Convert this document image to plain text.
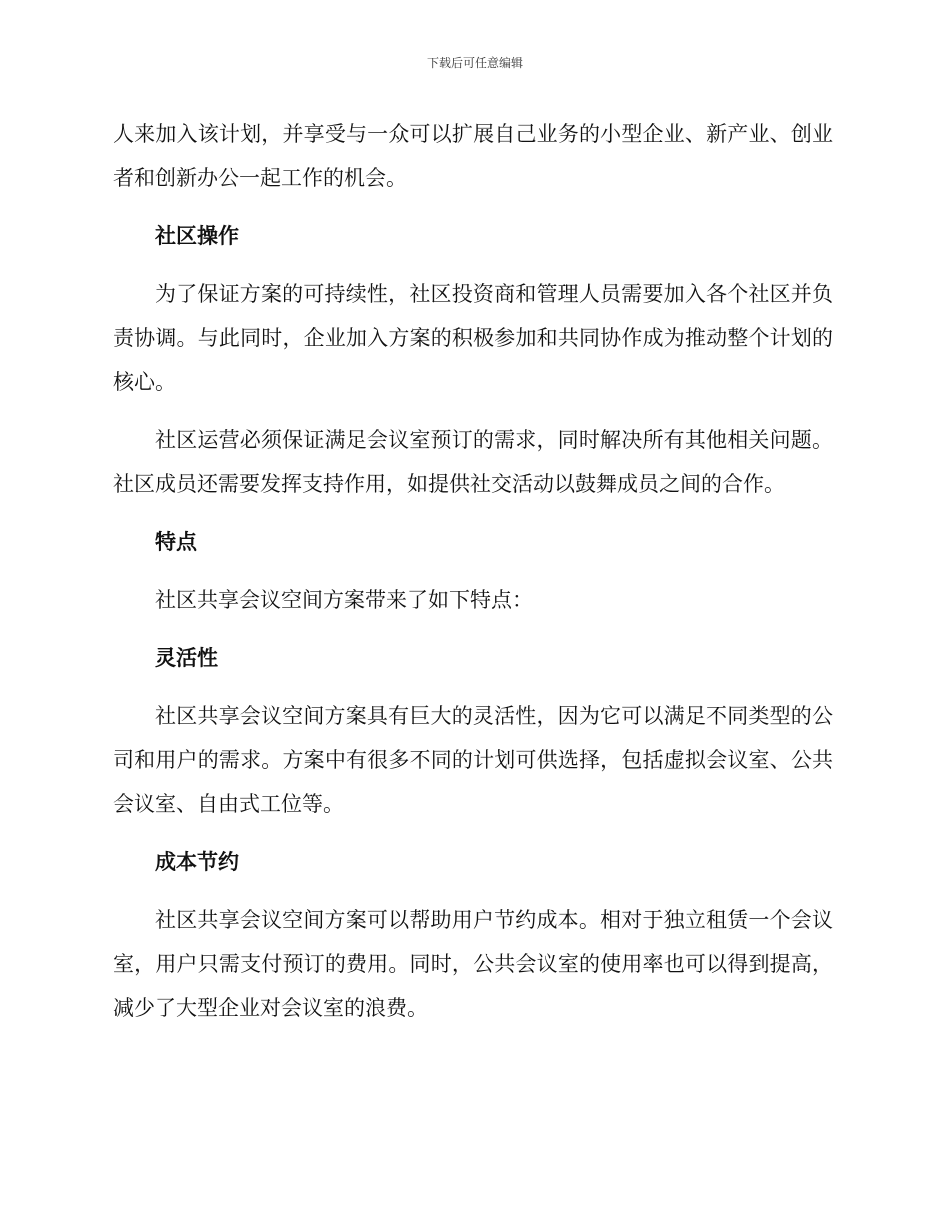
下载后可任意编辑

人来加入该计划，并享受与一众可以扩展自己业务的小型企业、新产业、创业者和创新办公一起工作的机会。

社区操作

为了保证方案的可持续性，社区投资商和管理人员需要加入各个社区并负责协调。与此同时，企业加入方案的积极参加和共同协作成为推动整个计划的核心。

社区运营必须保证满足会议室预订的需求，同时解决所有其他相关问题。社区成员还需要发挥支持作用，如提供社交活动以鼓舞成员之间的合作。

特点

社区共享会议空间方案带来了如下特点：

灵活性

社区共享会议空间方案具有巨大的灵活性，因为它可以满足不同类型的公司和用户的需求。方案中有很多不同的计划可供选择，包括虚拟会议室、公共会议室、自由式工位等。

成本节约

社区共享会议空间方案可以帮助用户节约成本。相对于独立租赁一个会议室，用户只需支付预订的费用。同时，公共会议室的使用率也可以得到提高，减少了大型企业对会议室的浪费。
